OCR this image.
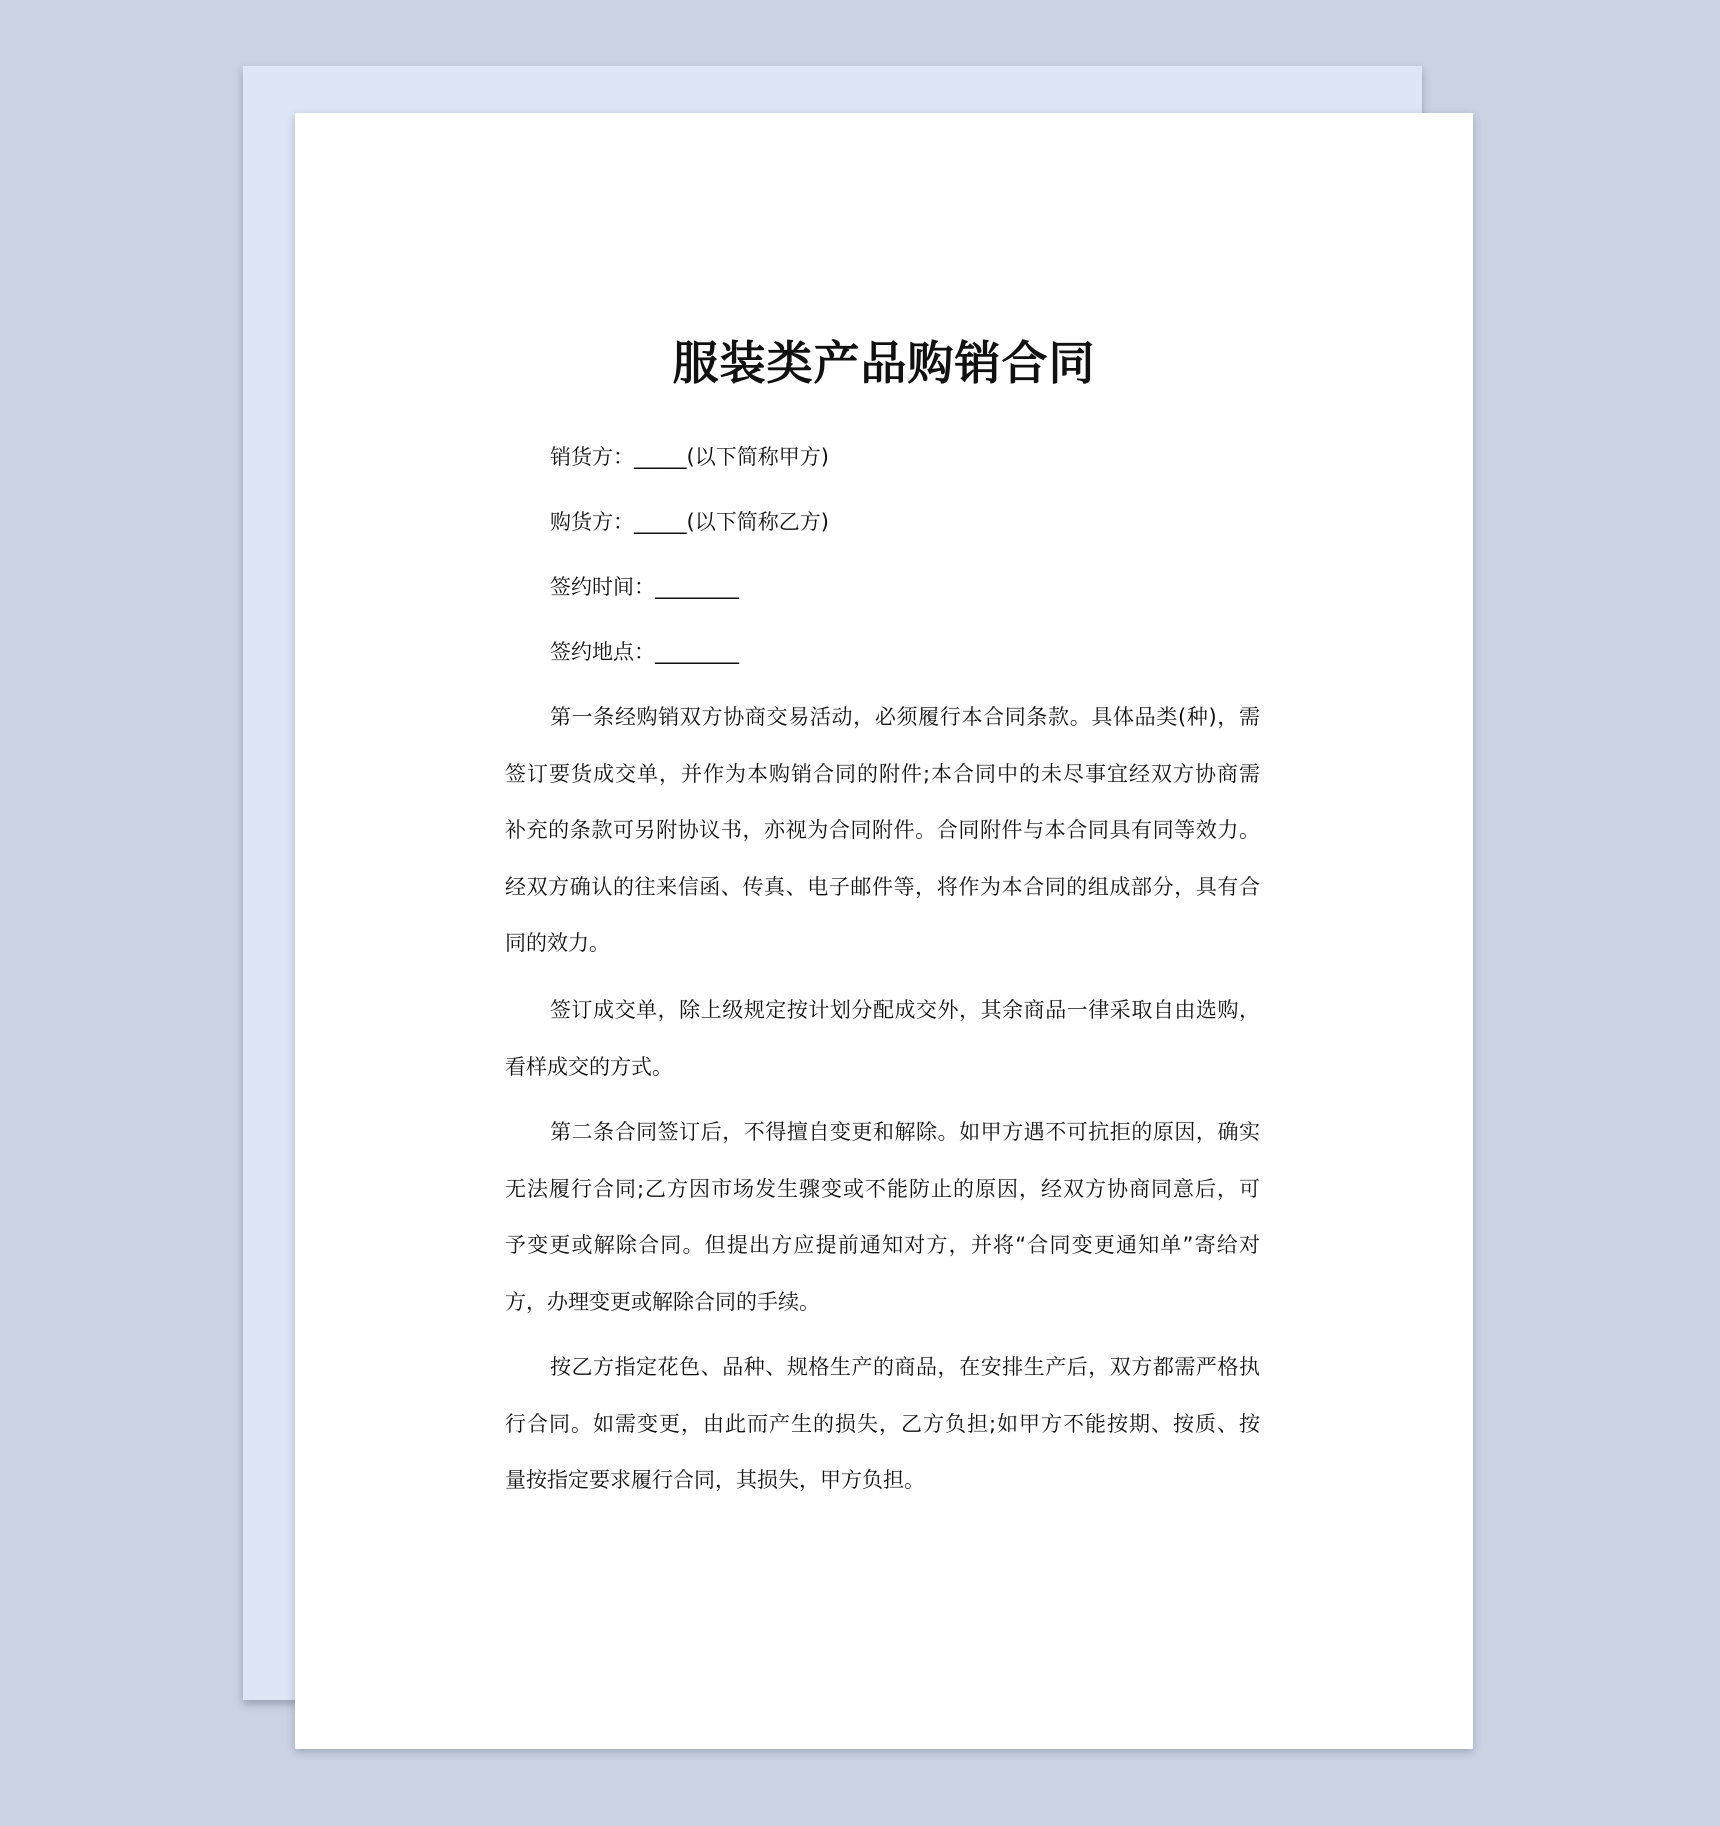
服装类产品购销合同
销货方：_____(以下简称甲方)
购货方：_____(以下简称乙方)
签约时间：________
签约地点：________
第一条经购销双方协商交易活动，必须履行本合同条款。具体品类(种)，需
签订要货成交单，并作为本购销合同的附件;本合同中的未尽事宜经双方协商需
补充的条款可另附协议书，亦视为合同附件。合同附件与本合同具有同等效力。
经双方确认的往来信函、传真、电子邮件等，将作为本合同的组成部分，具有合
同的效力。
签订成交单，除上级规定按计划分配成交外，其余商品一律采取自由选购，
看样成交的方式。
第二条合同签订后，不得擅自变更和解除。如甲方遇不可抗拒的原因，确实
无法履行合同;乙方因市场发生骤变或不能防止的原因，经双方协商同意后，可
予变更或解除合同。但提出方应提前通知对方，并将“合同变更通知单”寄给对
方，办理变更或解除合同的手续。
按乙方指定花色、品种、规格生产的商品，在安排生产后，双方都需严格执
行合同。如需变更，由此而产生的损失，乙方负担;如甲方不能按期、按质、按
量按指定要求履行合同，其损失，甲方负担。
